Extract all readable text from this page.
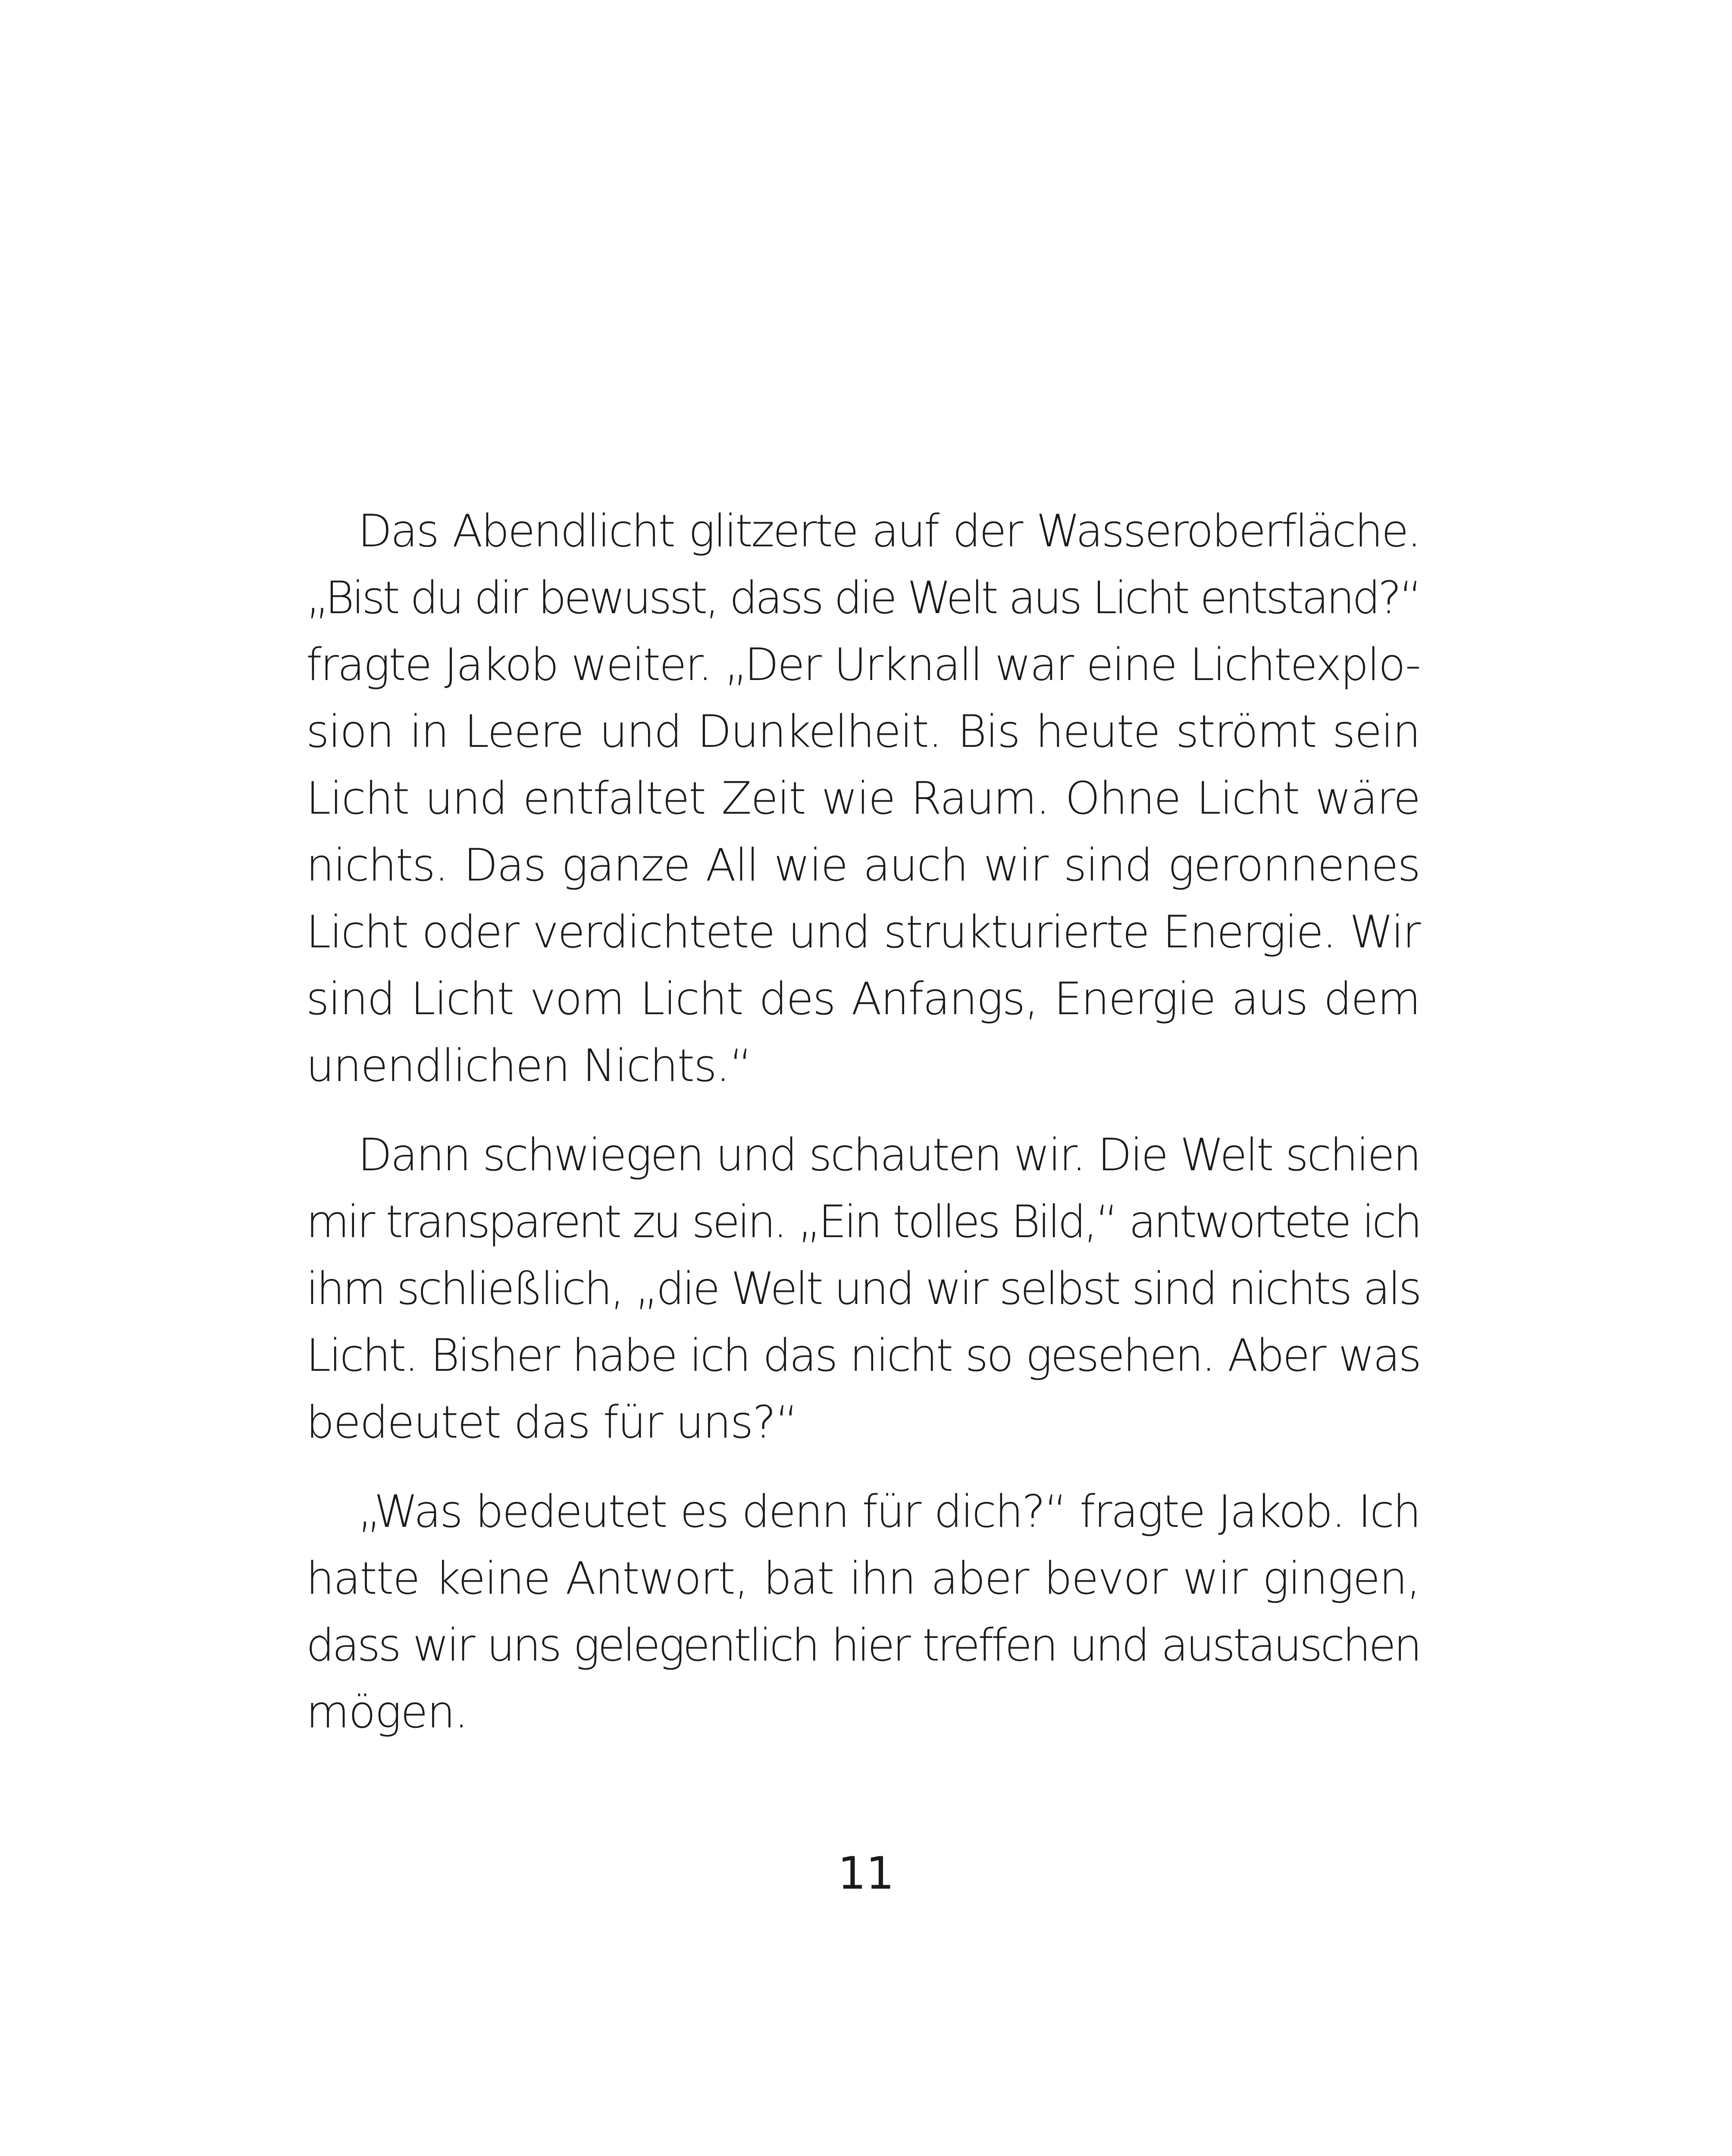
Das Abendlicht glitzerte auf der Wasseroberfläche.
„Bist du dir bewusst, dass die Welt aus Licht entstand?“
fragte Jakob weiter. „Der Urknall war eine Lichtexplo-
sion in Leere und Dunkelheit. Bis heute strömt sein
Licht und entfaltet Zeit wie Raum. Ohne Licht wäre
nichts. Das ganze All wie auch wir sind geronnenes
Licht oder verdichtete und strukturierte Energie. Wir
sind Licht vom Licht des Anfangs, Energie aus dem
unendlichen Nichts.“
Dann schwiegen und schauten wir. Die Welt schien
mir transparent zu sein. „Ein tolles Bild,“ antwortete ich
ihm schließlich, „die Welt und wir selbst sind nichts als
Licht. Bisher habe ich das nicht so gesehen. Aber was
bedeutet das für uns?“
„Was bedeutet es denn für dich?“ fragte Jakob. Ich
hatte keine Antwort, bat ihn aber bevor wir gingen,
dass wir uns gelegentlich hier treffen und austauschen
mögen.
11
